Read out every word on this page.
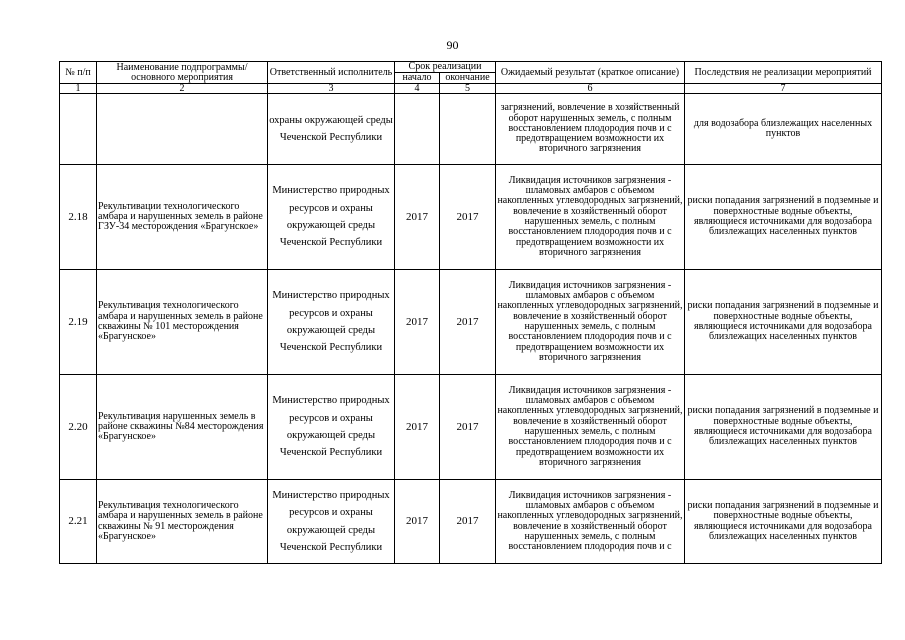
90
№ п/п	Наименование подпрограммы/ основного мероприятия	Ответственный исполнитель	Срок реализации		Ожидаемый результат (краткое описание)	Последствия не реализации мероприятий
			начало	окончание		
1	2	3	4	5	6	7
		охраны окружающей среды Чеченской Республики			загрязнений, вовлечение в хозяйственный оборот нарушенных земель, с полным восстановлением плодородия почв и с предотвращением возможности их вторичного загрязнения	для водозабора близлежащих населенных пунктов
2.18	Рекультивации технологического амбара и нарушенных земель в районе ГЗУ-34 месторождения «Брагунское»	Министерство природных ресурсов и охраны окружающей среды Чеченской Республики	2017	2017	Ликвидация источников загрязнения - шламовых амбаров с объемом накопленных углеводородных загрязнений, вовлечение в хозяйственный оборот нарушенных земель, с полным восстановлением плодородия почв и с предотвращением возможности их вторичного загрязнения	риски попадания загрязнений в подземные и поверхностные водные объекты, являющиеся источниками для водозабора близлежащих населенных пунктов
2.19	Рекультивация технологического амбара и нарушенных земель в районе скважины № 101 месторождения «Брагунское»	Министерство природных ресурсов и охраны окружающей среды Чеченской Республики	2017	2017	Ликвидация источников загрязнения - шламовых амбаров с объемом накопленных углеводородных загрязнений, вовлечение в хозяйственный оборот нарушенных земель, с полным восстановлением плодородия почв и с предотвращением возможности их вторичного загрязнения	риски попадания загрязнений в подземные и поверхностные водные объекты, являющиеся источниками для водозабора близлежащих населенных пунктов
2.20	Рекультивация нарушенных земель в районе скважины №84 месторождения «Брагунское»	Министерство природных ресурсов и охраны окружающей среды Чеченской Республики	2017	2017	Ликвидация источников загрязнения - шламовых амбаров с объемом накопленных углеводородных загрязнений, вовлечение в хозяйственный оборот нарушенных земель, с полным восстановлением плодородия почв и с предотвращением возможности их вторичного загрязнения	риски попадания загрязнений в подземные и поверхностные водные объекты, являющиеся источниками для водозабора близлежащих населенных пунктов
2.21	Рекультивация технологического амбара и нарушенных земель в районе скважины № 91 месторождения «Брагунское»	Министерство природных ресурсов и охраны окружающей среды Чеченской Республики	2017	2017	Ликвидация источников загрязнения - шламовых амбаров с объемом накопленных углеводородных загрязнений, вовлечение в хозяйственный оборот нарушенных земель, с полным восстановлением плодородия почв и с	риски попадания загрязнений в подземные и поверхностные водные объекты, являющиеся источниками для водозабора близлежащих населенных пунктов
